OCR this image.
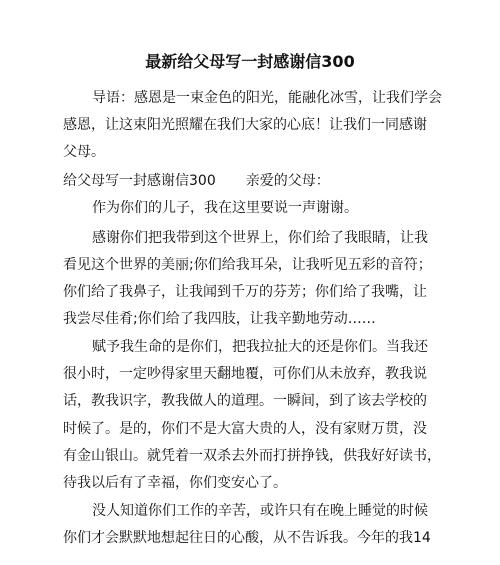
最新给父母写一封感谢信300
导语：感恩是一束金色的阳光，能融化冰雪，让我们学会
感恩，让这束阳光照耀在我们大家的心底！让我们一同感谢
父母。
给父母写一封感谢信300 亲爱的父母：
作为你们的儿子，我在这里要说一声谢谢。
感谢你们把我带到这个世界上，你们给了我眼睛，让我
看见这个世界的美丽;你们给我耳朵，让我听见五彩的音符；
你们给了我鼻子，让我闻到千万的芬芳；你们给了我嘴，让
我尝尽佳肴;你们给了我四肢，让我辛勤地劳动……
赋予我生命的是你们，把我拉扯大的还是你们。当我还
很小时，一定吵得家里天翻地覆，可你们从未放弃，教我说
话，教我识字，教我做人的道理。一瞬间，到了该去学校的
时候了。是的，你们不是大富大贵的人，没有家财万贯，没
有金山银山。就凭着一双杀去外而打拼挣钱，供我好好读书，
待我以后有了幸福，你们变安心了。
没人知道你们工作的辛苦，或许只有在晚上睡觉的时候
你们才会默默地想起往日的心酸，从不告诉我。今年的我14
